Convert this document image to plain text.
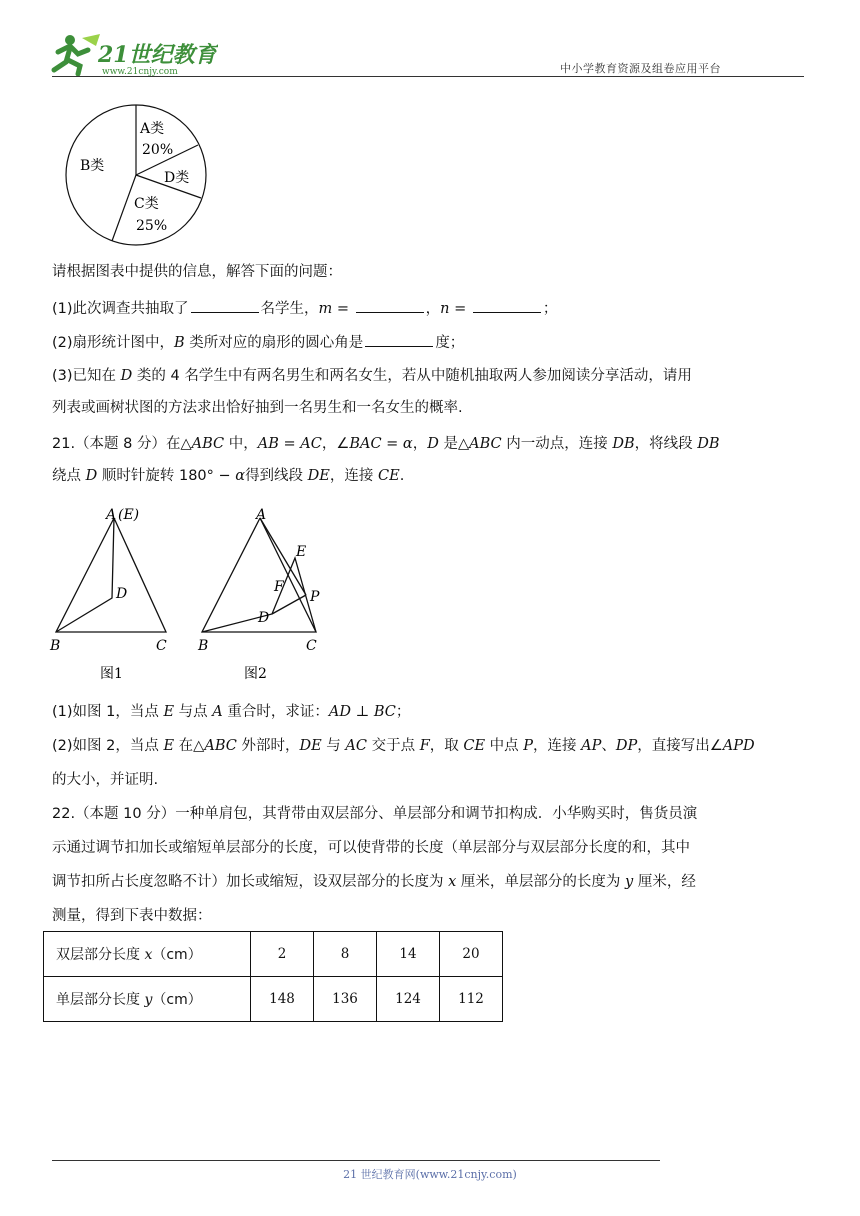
21世纪教育
www.21cnjy.com	中小学教育资源及组卷应用平台
A类
20%
B类
D类
C类
25%
请根据图表中提供的信息，解答下面的问题：
(1)此次调查共抽取了	名学生，m =	，n =	；
(2)扇形统计图中，B 类所对应的扇形的圆心角是	度；
(3)已知在 D 类的 4 名学生中有两名男生和两名女生，若从中随机抽取两人参加阅读分享活动，请用
列表或画树状图的方法求出恰好抽到一名男生和一名女生的概率.
21.（本题 8 分）在△ABC 中，AB = AC，∠BAC = α，D 是△ABC 内一动点，连接 DB，将线段 DB
绕点 D 顺时针旋转 180° − α得到线段 DE，连接 CE.
A (E)
D
B	C
图1
A
E
F
P
D
B	C
图2
(1)如图 1，当点 E 与点 A 重合时，求证：AD ⊥ BC；
(2)如图 2，当点 E 在△ABC 外部时，DE 与 AC 交于点 F，取 CE 中点 P，连接 AP、DP，直接写出∠APD
的大小，并证明.
22.（本题 10 分）一种单肩包，其背带由双层部分、单层部分和调节扣构成．小华购买时，售货员演
示通过调节扣加长或缩短单层部分的长度，可以使背带的长度（单层部分与双层部分长度的和，其中
调节扣所占长度忽略不计）加长或缩短，设双层部分的长度为 x 厘米，单层部分的长度为 y 厘米，经
测量，得到下表中数据：
双层部分长度 x（cm）	2	8	14	20
单层部分长度 y（cm）	148	136	124	112
21 世纪教育网(www.21cnjy.com)
